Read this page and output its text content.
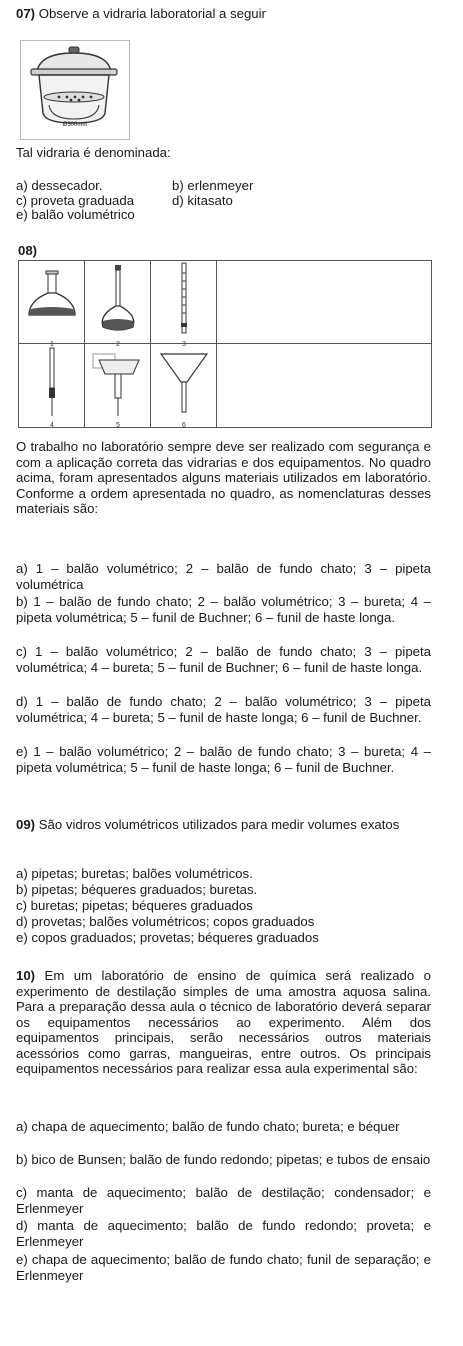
07) Observe a vidraria laboratorial a seguir
Ø300mm
Tal vidraria é denominada:
a) dessecador.	b) erlenmeyer
c) proveta graduada	d) kitasato
e) balão volumétrico
08)
1	2	3
4	5	6
O trabalho no laboratório sempre deve ser realizado com segurança e com a aplicação correta das vidrarias e dos equipamentos. No quadro acima, foram apresentados alguns materiais utilizados em laboratório. Conforme a ordem apresentada no quadro, as nomenclaturas desses materiais são:
a) 1 – balão volumétrico; 2 – balão de fundo chato; 3 – pipeta volumétrica
b) 1 – balão de fundo chato; 2 – balão volumétrico; 3 – bureta; 4 – pipeta volumétrica; 5 – funil de Buchner; 6 – funil de haste longa.
c) 1 – balão volumétrico; 2 – balão de fundo chato; 3 – pipeta volumétrica; 4 – bureta; 5 – funil de Buchner; 6 – funil de haste longa.
d) 1 – balão de fundo chato; 2 – balão volumétrico; 3 – pipeta volumétrica; 4 – bureta; 5 – funil de haste longa; 6 – funil de Buchner.
e) 1 – balão volumétrico; 2 – balão de fundo chato; 3 – bureta; 4 – pipeta volumétrica; 5 – funil de haste longa; 6 – funil de Buchner.
09) São vidros volumétricos utilizados para medir volumes exatos
a) pipetas; buretas; balões volumétricos.
b) pipetas; béqueres graduados; buretas.
c) buretas; pipetas; béqueres graduados
d) provetas; balões volumétricos; copos graduados
e) copos graduados; provetas; béqueres graduados
10) Em um laboratório de ensino de química será realizado o experimento de destilação simples de uma amostra aquosa salina. Para a preparação dessa aula o técnico de laboratório deverá separar os equipamentos necessários ao experimento. Além dos equipamentos principais, serão necessários outros materiais acessórios como garras, mangueiras, entre outros. Os principais equipamentos necessários para realizar essa aula experimental são:
a) chapa de aquecimento; balão de fundo chato; bureta; e béquer
b) bico de Bunsen; balão de fundo redondo; pipetas; e tubos de ensaio
c) manta de aquecimento; balão de destilação; condensador; e Erlenmeyer
d) manta de aquecimento; balão de fundo redondo; proveta; e Erlenmeyer
e) chapa de aquecimento; balão de fundo chato; funil de separação; e Erlenmeyer
